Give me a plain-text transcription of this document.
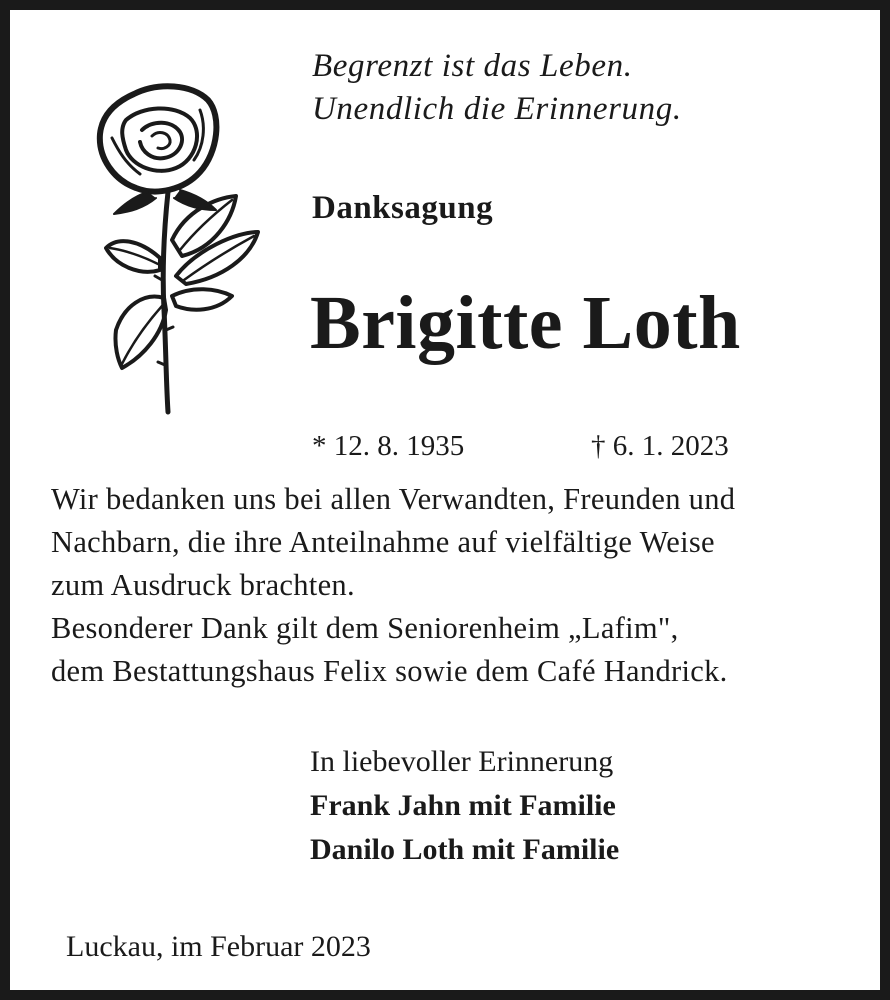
Begrenzt ist das Leben.
Unendlich die Erinnerung.
Danksagung
Brigitte Loth
* 12. 8. 1935	† 6. 1. 2023
Wir bedanken uns bei allen Verwandten, Freunden und
Nachbarn, die ihre Anteilnahme auf vielfältige Weise
zum Ausdruck brachten.
Besonderer Dank gilt dem Seniorenheim „Lafim",
dem Bestattungshaus Felix sowie dem Café Handrick.
In liebevoller Erinnerung
Frank Jahn mit Familie
Danilo Loth mit Familie
Luckau, im Februar 2023
